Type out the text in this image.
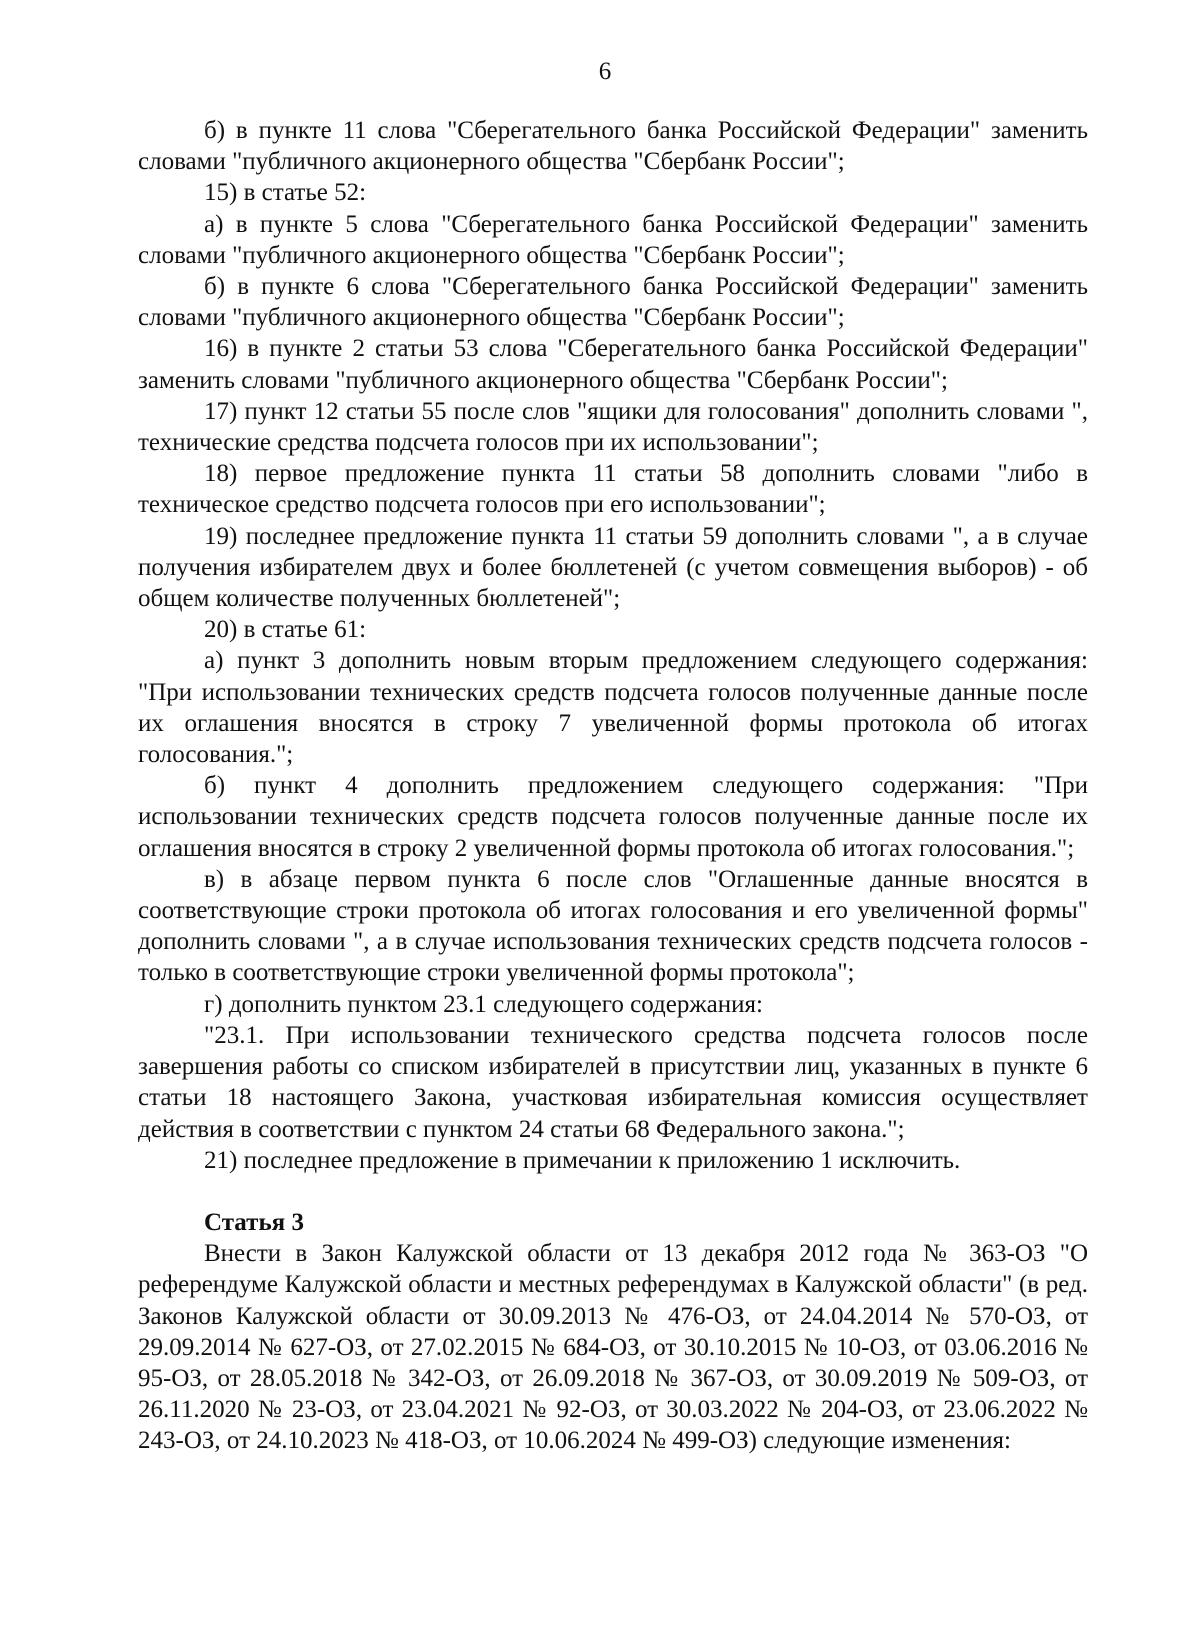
6

б) в пункте 11 слова "Сберегательного банка Российской Федерации" заменить словами "публичного акционерного общества "Сбербанк России";

15) в статье 52:

а) в пункте 5 слова "Сберегательного банка Российской Федерации" заменить словами "публичного акционерного общества "Сбербанк России";

б) в пункте 6 слова "Сберегательного банка Российской Федерации" заменить словами "публичного акционерного общества "Сбербанк России";

16) в пункте 2 статьи 53 слова "Сберегательного банка Российской Федерации" заменить словами "публичного акционерного общества "Сбербанк России";

17) пункт 12 статьи 55 после слов "ящики для голосования" дополнить словами ", технические средства подсчета голосов при их использовании";

18) первое предложение пункта 11 статьи 58 дополнить словами "либо в техническое средство подсчета голосов при его использовании";

19) последнее предложение пункта 11 статьи 59 дополнить словами ", а в случае получения избирателем двух и более бюллетеней (с учетом совмещения выборов) - об общем количестве полученных бюллетеней";

20) в статье 61:

а) пункт 3 дополнить новым вторым предложением следующего содержания: "При использовании технических средств подсчета голосов полученные данные после их оглашения вносятся в строку 7 увеличенной формы протокола об итогах голосования.";

б) пункт 4 дополнить предложением следующего содержания: "При использовании технических средств подсчета голосов полученные данные после их оглашения вносятся в строку 2 увеличенной формы протокола об итогах голосования.";

в) в абзаце первом пункта 6 после слов "Оглашенные данные вносятся в соответствующие строки протокола об итогах голосования и его увеличенной формы" дополнить словами ", а в случае использования технических средств подсчета голосов - только в соответствующие строки увеличенной формы протокола";

г) дополнить пунктом 23.1 следующего содержания:

"23.1. При использовании технического средства подсчета голосов после завершения работы со списком избирателей в присутствии лиц, указанных в пункте 6 статьи 18 настоящего Закона, участковая избирательная комиссия осуществляет действия в соответствии с пунктом 24 статьи 68 Федерального закона.";

21) последнее предложение в примечании к приложению 1 исключить.

Статья 3

Внести в Закон Калужской области от 13 декабря 2012 года № 363-ОЗ "О референдуме Калужской области и местных референдумах в Калужской области" (в ред. Законов Калужской области от 30.09.2013 № 476-ОЗ, от 24.04.2014 № 570-ОЗ, от 29.09.2014 № 627-ОЗ, от 27.02.2015 № 684-ОЗ, от 30.10.2015 № 10-ОЗ, от 03.06.2016 № 95-ОЗ, от 28.05.2018 № 342-ОЗ, от 26.09.2018 № 367-ОЗ, от 30.09.2019 № 509-ОЗ, от 26.11.2020 № 23-ОЗ, от 23.04.2021 № 92-ОЗ, от 30.03.2022 № 204-ОЗ, от 23.06.2022 № 243-ОЗ, от 24.10.2023 № 418-ОЗ, от 10.06.2024 № 499-ОЗ) следующие изменения:
